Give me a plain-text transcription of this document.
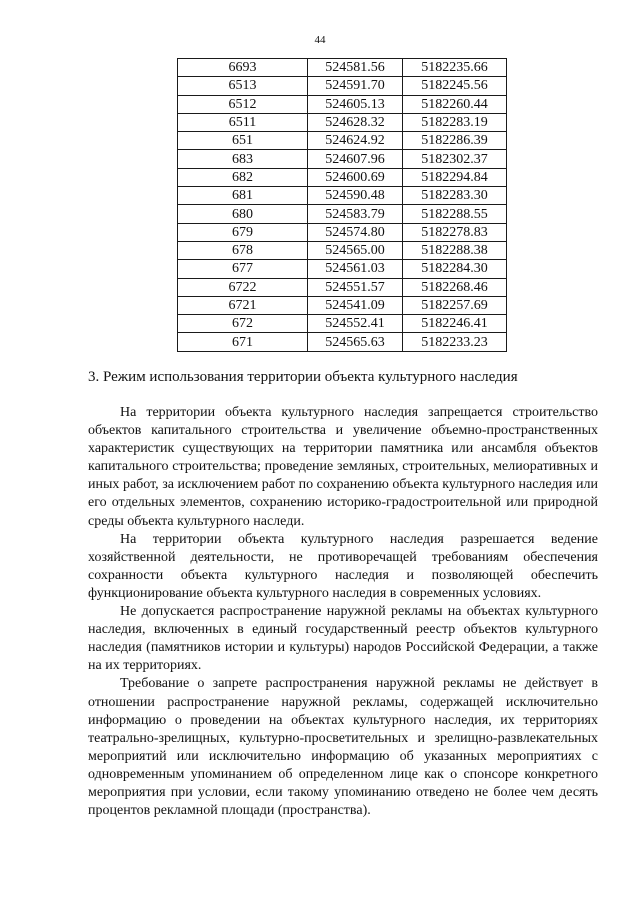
44

6693	524581.56	5182235.66
6513	524591.70	5182245.56
6512	524605.13	5182260.44
6511	524628.32	5182283.19
651	524624.92	5182286.39
683	524607.96	5182302.37
682	524600.69	5182294.84
681	524590.48	5182283.30
680	524583.79	5182288.55
679	524574.80	5182278.83
678	524565.00	5182288.38
677	524561.03	5182284.30
6722	524551.57	5182268.46
6721	524541.09	5182257.69
672	524552.41	5182246.41
671	524565.63	5182233.23
3. Режим использования территории объекта культурного наследия

На территории объекта культурного наследия запрещается строительство объектов капитального строительства и увеличение объемно-пространственных характеристик существующих на территории памятника или ансамбля объектов капитального строительства; проведение земляных, строительных, мелиоративных и иных работ, за исключением работ по сохранению объекта культурного наследия или его отдельных элементов, сохранению историко-градостроительной или природной среды объекта культурного наследи.

На территории объекта культурного наследия разрешается ведение хозяйственной деятельности, не противоречащей требованиям обеспечения сохранности объекта культурного наследия и позволяющей обеспечить функционирование объекта культурного наследия в современных условиях.

Не допускается распространение наружной рекламы на объектах культурного наследия, включенных в единый государственный реестр объектов культурного наследия (памятников истории и культуры) народов Российской Федерации, а также на их территориях.

Требование о запрете распространения наружной рекламы не действует в отношении распространение наружной рекламы, содержащей исключительно информацию о проведении на объектах культурного наследия, их территориях театрально-зрелищных, культурно-просветительных и зрелищно-развлекательных мероприятий или исключительно информацию об указанных мероприятиях с одновременным упоминанием об определенном лице как о спонсоре конкретного мероприятия при условии, если такому упоминанию отведено не более чем десять процентов рекламной площади (пространства).
